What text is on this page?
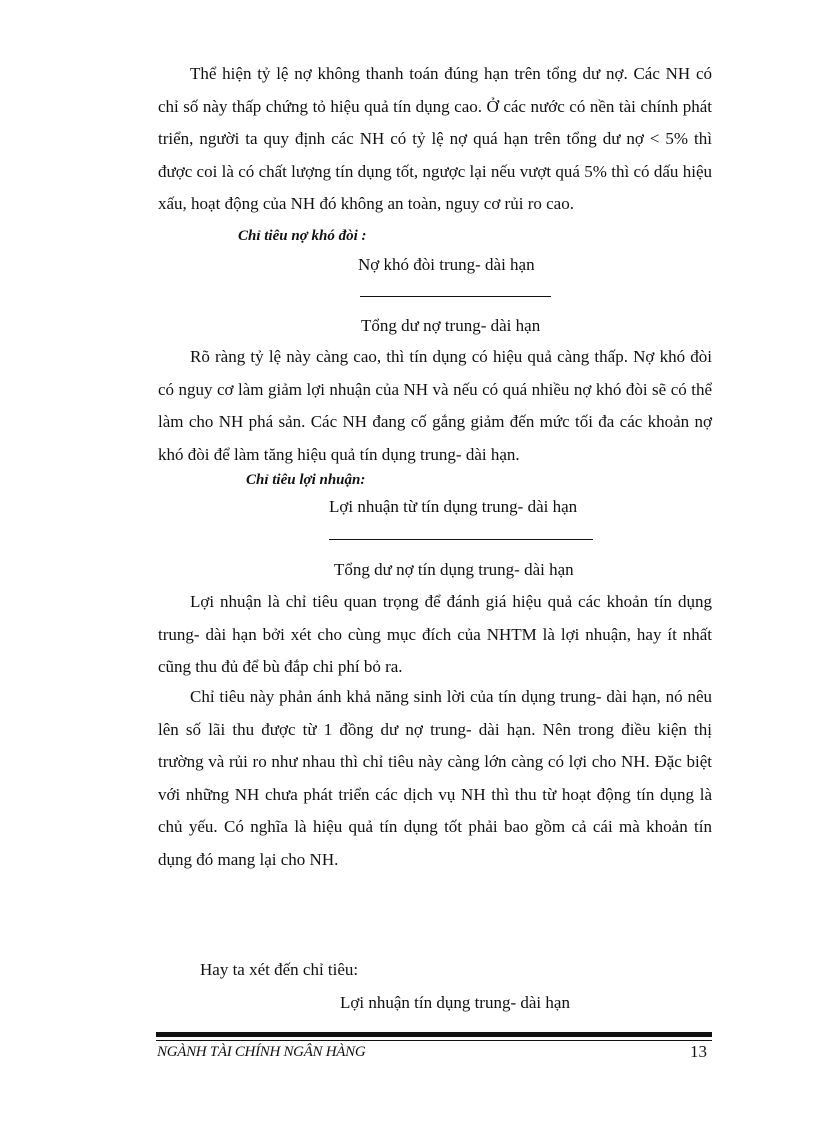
Thể hiện tỷ lệ nợ không thanh toán đúng hạn trên tổng dư nợ. Các NH có chỉ số này thấp chứng tỏ hiệu quả tín dụng cao. Ở các nước có nền tài chính phát triển, người ta quy định các NH có tỷ lệ nợ quá hạn trên tổng dư nợ < 5% thì được coi là có chất lượng tín dụng tốt, ngược lại nếu vượt quá 5% thì có dấu hiệu xấu, hoạt động của NH đó không an toàn, nguy cơ rủi ro cao.

Chỉ tiêu nợ khó đòi :
Nợ khó đòi trung- dài hạn
Tổng dư nợ trung- dài hạn

Rõ ràng tỷ lệ này càng cao, thì tín dụng có hiệu quả càng thấp. Nợ khó đòi có nguy cơ làm giảm lợi nhuận của NH và nếu có quá nhiều nợ khó đòi sẽ có thể làm cho NH phá sản. Các NH đang cố gắng giảm đến mức tối đa các khoản nợ khó đòi để làm tăng hiệu quả tín dụng trung- dài hạn.

Chỉ tiêu lợi nhuận:
Lợi nhuận từ tín dụng trung- dài hạn
Tổng dư nợ tín dụng trung- dài hạn

Lợi nhuận là chỉ tiêu quan trọng để đánh giá hiệu quả các khoản tín dụng trung- dài hạn bởi xét cho cùng mục đích của NHTM là lợi nhuận, hay ít nhất cũng thu đủ để bù đắp chi phí bỏ ra.

Chỉ tiêu này phản ánh khả năng sinh lời của tín dụng trung- dài hạn, nó nêu lên số lãi thu được từ 1 đồng dư nợ trung- dài hạn. Nên trong điều kiện thị trường và rủi ro như nhau thì chỉ tiêu này càng lớn càng có lợi cho NH. Đặc biệt với những NH chưa phát triển các dịch vụ NH thì thu từ hoạt động tín dụng là chủ yếu. Có nghĩa là hiệu quả tín dụng tốt phải bao gồm cả cái mà khoản tín dụng đó mang lại cho NH.

Hay ta xét đến chỉ tiêu:
Lợi nhuận tín dụng trung- dài hạn
NGÀNH TÀI CHÍNH NGÂN HÀNG	13
